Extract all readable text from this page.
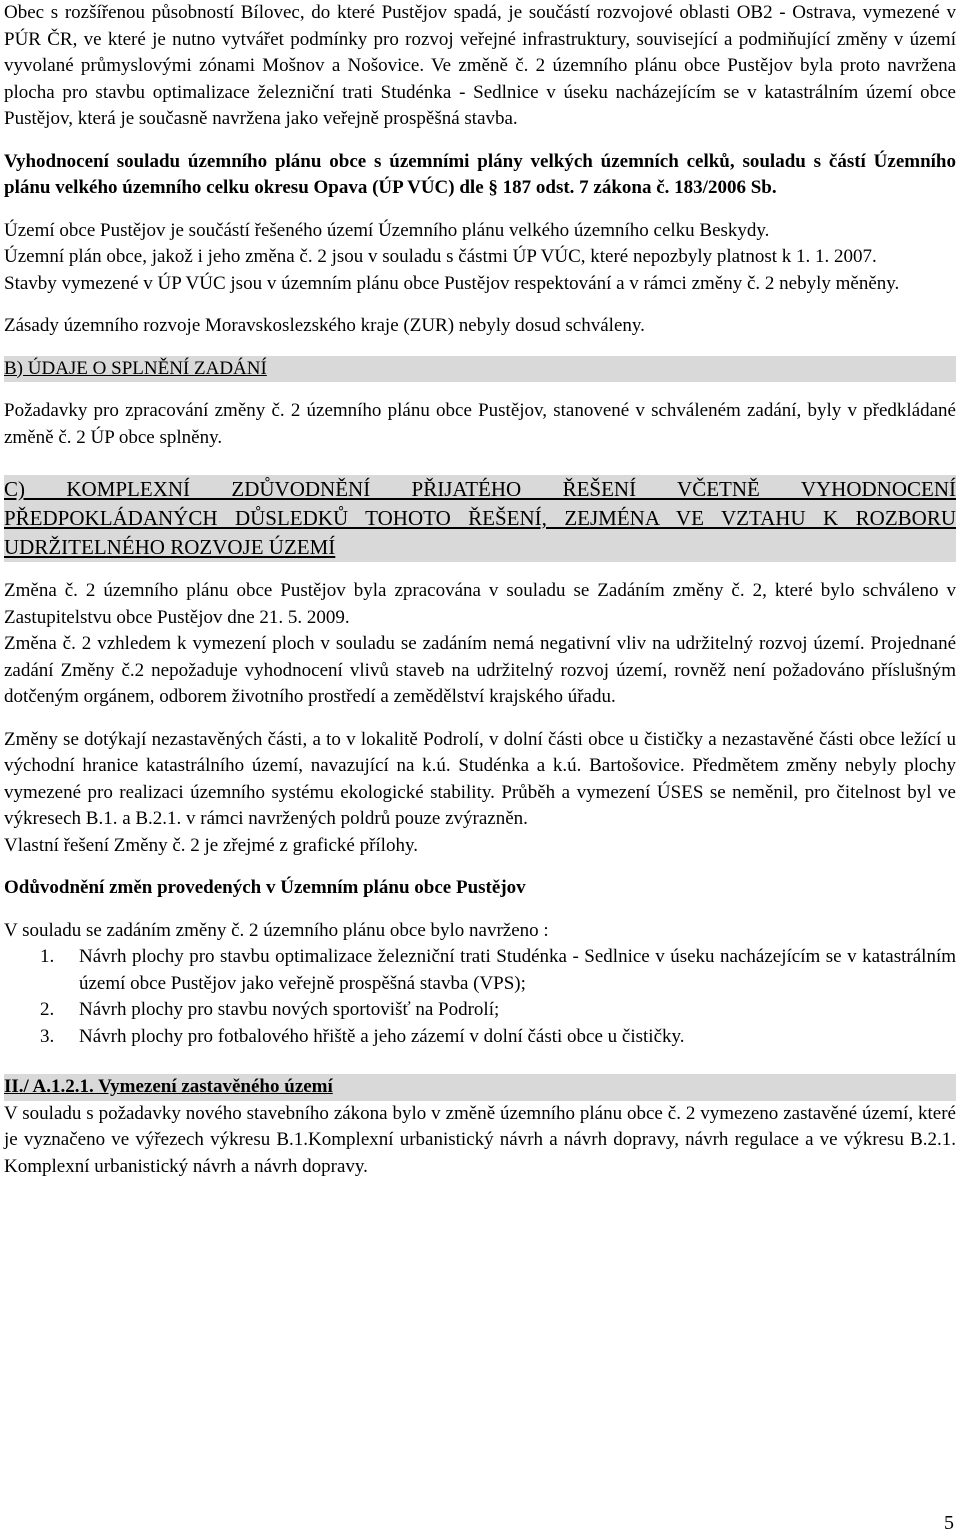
Obec s rozšířenou působností Bílovec, do které Pustějov spadá, je součástí rozvojové oblasti OB2 - Ostrava, vymezené v PÚR ČR, ve které je nutno vytvářet podmínky pro rozvoj veřejné infrastruktury, související a podmiňující změny v území vyvolané průmyslovými zónami Mošnov a Nošovice. Ve změně č. 2 územního plánu obce Pustějov byla proto navržena plocha pro stavbu optimalizace železniční trati Studénka - Sedlnice v úseku nacházejícím se v katastrálním území obce Pustějov, která je současně navržena jako veřejně prospěšná stavba.

Vyhodnocení souladu územního plánu obce s územními plány velkých územních celků, souladu s částí Územního plánu velkého územního celku okresu Opava (ÚP VÚC) dle § 187 odst. 7 zákona č. 183/2006 Sb.

Území obce Pustějov je součástí řešeného území Územního plánu velkého územního celku Beskydy.

Územní plán obce, jakož i jeho změna č. 2 jsou v souladu s částmi ÚP VÚC, které nepozbyly platnost k 1. 1. 2007.

Stavby vymezené v ÚP VÚC jsou v územním plánu obce Pustějov respektování a v rámci změny č. 2 nebyly měněny.

Zásady územního rozvoje Moravskoslezského kraje (ZUR) nebyly dosud schváleny.

B) ÚDAJE O SPLNĚNÍ ZADÁNÍ

Požadavky pro zpracování změny č. 2 územního plánu obce Pustějov, stanovené v schváleném zadání, byly v předkládané změně č. 2 ÚP obce splněny.

C) KOMPLEXNÍ ZDŮVODNĚNÍ PŘIJATÉHO ŘEŠENÍ VČETNĚ VYHODNOCENÍ PŘEDPOKLÁDANÝCH DŮSLEDKŮ TOHOTO ŘEŠENÍ, ZEJMÉNA VE VZTAHU K ROZBORU UDRŽITELNÉHO ROZVOJE ÚZEMÍ

Změna č. 2 územního plánu obce Pustějov byla zpracována v souladu se Zadáním změny č. 2, které bylo schváleno v Zastupitelstvu obce Pustějov dne 21. 5. 2009.

Změna č. 2 vzhledem k vymezení ploch v souladu se zadáním nemá negativní vliv na udržitelný rozvoj území. Projednané zadání Změny č.2 nepožaduje vyhodnocení vlivů staveb na udržitelný rozvoj území, rovněž není požadováno příslušným dotčeným orgánem, odborem životního prostředí a zemědělství krajského úřadu.

Změny se dotýkají nezastavěných části, a to v lokalitě Podrolí, v dolní části obce u čističky a nezastavěné části obce ležící u východní hranice katastrálního území, navazující na k.ú. Studénka a k.ú. Bartošovice. Předmětem změny nebyly plochy vymezené pro realizaci územního systému ekologické stability. Průběh a vymezení ÚSES se neměnil, pro čitelnost byl ve výkresech B.1. a B.2.1. v rámci navržených poldrů pouze zvýrazněn.

Vlastní řešení Změny č. 2 je zřejmé z grafické přílohy.

Odůvodnění změn provedených v Územním plánu obce Pustějov

V souladu se zadáním změny č. 2 územního plánu obce bylo navrženo :

1. Návrh plochy pro stavbu optimalizace železniční trati Studénka - Sedlnice v úseku nacházejícím se v katastrálním území obce Pustějov jako veřejně prospěšná stavba (VPS);
2. Návrh plochy pro stavbu nových sportovišť na Podrolí;
3. Návrh plochy pro fotbalového hřiště a jeho zázemí v dolní části obce u čističky.

II./ A.1.2.1. Vymezení zastavěného území

V souladu s požadavky nového stavebního zákona bylo v změně územního plánu obce č. 2 vymezeno zastavěné území, které je vyznačeno ve výřezech výkresu B.1.Komplexní urbanistický návrh a návrh dopravy, návrh regulace a ve výkresu B.2.1. Komplexní urbanistický návrh a návrh dopravy.

5
